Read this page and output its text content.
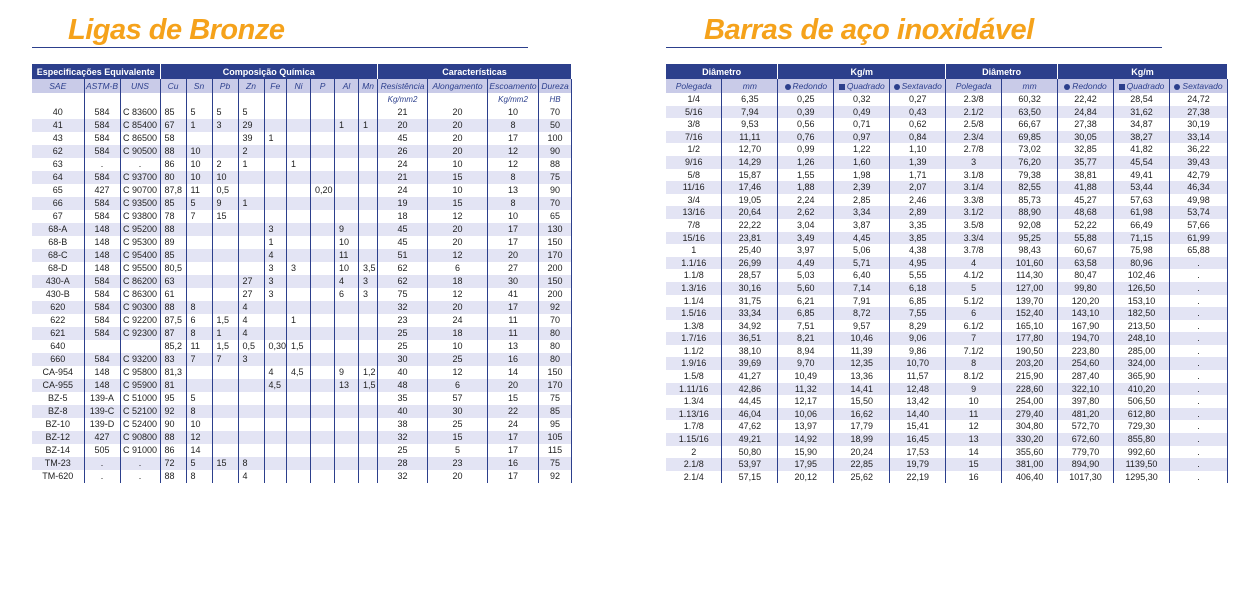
Ligas de Bronze
Especificações Equivalente			Composição Química									Características			
SAE	ASTM-B	UNS	Cu	Sn	Pb	Zn	Fe	Ni	P	Al	Mn	Resistência	Alongamento	Escoamento	Dureza
												Kg/mm2		Kg/mm2	HB
40	584	C 83600	85	5	5	5						21	20	10	70
41	584	C 85400	67	1	3	29				1	1	20	20	8	50
43	584	C 86500	58			39	1					45	20	17	100
62	584	C 90500	88	10		2						26	20	12	90
63	.	.	86	10	2	1		1				24	10	12	88
64	584	C 93700	80	10	10							21	15	8	75
65	427	C 90700	87,8	11	0,5				0,20			24	10	13	90
66	584	C 93500	85	5	9	1						19	15	8	70
67	584	C 93800	78	7	15							18	12	10	65
68-A	148	C 95200	88				3			9		45	20	17	130
68-B	148	C 95300	89				1			10		45	20	17	150
68-C	148	C 95400	85				4			11		51	12	20	170
68-D	148	C 95500	80,5				3	3		10	3,5	62	6	27	200
430-A	584	C 86200	63			27	3			4	3	62	18	30	150
430-B	584	C 86300	61			27	3			6	3	75	12	41	200
620	584	C 90300	88	8		4						32	20	17	92
622	584	C 92200	87,5	6	1,5	4		1				23	24	11	70
621	584	C 92300	87	8	1	4						25	18	11	80
640			85,2	11	1,5	0,5	0,30	1,5				25	10	13	80
660	584	C 93200	83	7	7	3						30	25	16	80
CA-954	148	C 95800	81,3				4	4,5		9	1,2	40	12	14	150
CA-955	148	C 95900	81				4,5			13	1,5	48	6	20	170
BZ-5	139-A	C 51000	95	5								35	57	15	75
BZ-8	139-C	C 52100	92	8								40	30	22	85
BZ-10	139-D	C 52400	90	10								38	25	24	95
BZ-12	427	C 90800	88	12								32	15	17	105
BZ-14	505	C 91000	86	14								25	5	17	115
TM-23	.	.	72	5	15	8						28	23	16	75
TM-620	.	.	88	8		4						32	20	17	92
Barras de aço inoxidável
Diâmetro		Kg/m			Diâmetro		Kg/m		
Polegada	mm	Redondo	Quadrado	Sextavado	Polegada	mm	Redondo	Quadrado	Sextavado
1/4	6,35	0,25	0,32	0,27	2.3/8	60,32	22,42	28,54	24,72
5/16	7,94	0,39	0,49	0,43	2.1/2	63,50	24,84	31,62	27,38
3/8	9,53	0,56	0,71	0,62	2.5/8	66,67	27,38	34,87	30,19
7/16	11,11	0,76	0,97	0,84	2.3/4	69,85	30,05	38,27	33,14
1/2	12,70	0,99	1,22	1,10	2.7/8	73,02	32,85	41,82	36,22
9/16	14,29	1,26	1,60	1,39	3	76,20	35,77	45,54	39,43
5/8	15,87	1,55	1,98	1,71	3.1/8	79,38	38,81	49,41	42,79
11/16	17,46	1,88	2,39	2,07	3.1/4	82,55	41,88	53,44	46,34
3/4	19,05	2,24	2,85	2,46	3.3/8	85,73	45,27	57,63	49,98
13/16	20,64	2,62	3,34	2,89	3.1/2	88,90	48,68	61,98	53,74
7/8	22,22	3,04	3,87	3,35	3.5/8	92,08	52,22	66,49	57,66
15/16	23,81	3,49	4,45	3,85	3.3/4	95,25	55,88	71,15	61,99
1	25,40	3,97	5,06	4,38	3.7/8	98,43	60,67	75,98	65,88
1.1/16	26,99	4,49	5,71	4,95	4	101,60	63,58	80,96	.
1.1/8	28,57	5,03	6,40	5,55	4.1/2	114,30	80,47	102,46	.
1.3/16	30,16	5,60	7,14	6,18	5	127,00	99,80	126,50	.
1.1/4	31,75	6,21	7,91	6,85	5.1/2	139,70	120,20	153,10	.
1.5/16	33,34	6,85	8,72	7,55	6	152,40	143,10	182,50	.
1.3/8	34,92	7,51	9,57	8,29	6.1/2	165,10	167,90	213,50	.
1.7/16	36,51	8,21	10,46	9,06	7	177,80	194,70	248,10	.
1.1/2	38,10	8,94	11,39	9,86	7.1/2	190,50	223,80	285,00	.
1.9/16	39,69	9,70	12,35	10,70	8	203,20	254,60	324,00	.
1.5/8	41,27	10,49	13,36	11,57	8.1/2	215,90	287,40	365,90	.
1.11/16	42,86	11,32	14,41	12,48	9	228,60	322,10	410,20	.
1.3/4	44,45	12,17	15,50	13,42	10	254,00	397,80	506,50	.
1.13/16	46,04	10,06	16,62	14,40	11	279,40	481,20	612,80	.
1.7/8	47,62	13,97	17,79	15,41	12	304,80	572,70	729,30	.
1.15/16	49,21	14,92	18,99	16,45	13	330,20	672,60	855,80	.
2	50,80	15,90	20,24	17,53	14	355,60	779,70	992,60	.
2.1/8	53,97	17,95	22,85	19,79	15	381,00	894,90	1139,50	.
2.1/4	57,15	20,12	25,62	22,19	16	406,40	1017,30	1295,30	.
